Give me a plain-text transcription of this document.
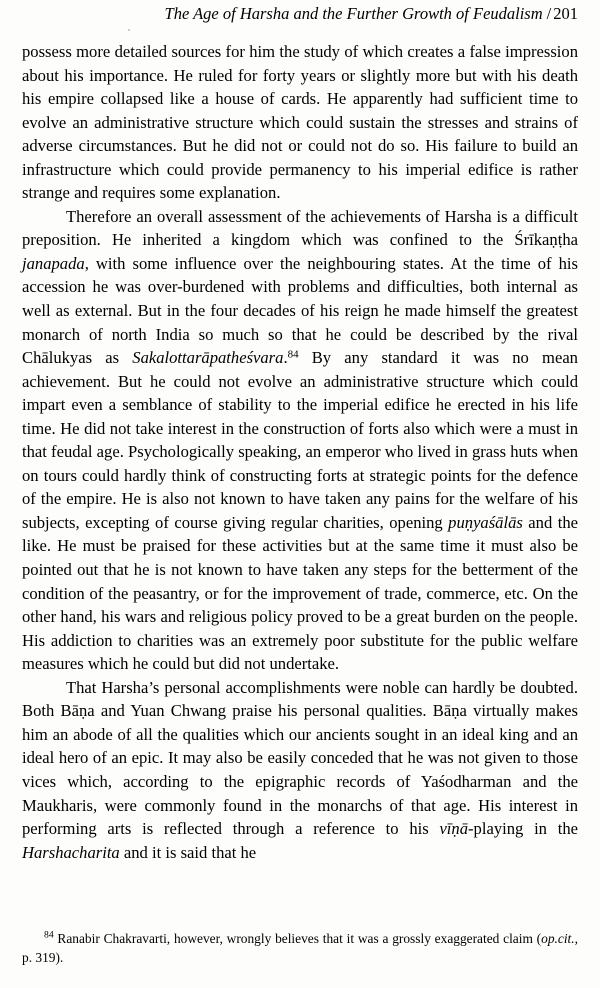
The Age of Harsha and the Further Growth of Feudalism / 201

possess more detailed sources for him the study of which creates a false impression about his importance. He ruled for forty years or slightly more but with his death his empire collapsed like a house of cards. He apparently had sufficient time to evolve an administrative structure which could sustain the stresses and strains of adverse circumstances. But he did not or could not do so. His failure to build an infrastructure which could provide permanency to his imperial edifice is rather strange and requires some explanation.

Therefore an overall assessment of the achievements of Harsha is a difficult preposition. He inherited a kingdom which was confined to the Śrīkaṇṭha janapada, with some influence over the neighbouring states. At the time of his accession he was over-burdened with problems and difficulties, both internal as well as external. But in the four decades of his reign he made himself the greatest monarch of north India so much so that he could be described by the rival Chālukyas as Sakalottarāpatheśvara.$^{84}$ By any standard it was no mean achievement. But he could not evolve an administrative structure which could impart even a semblance of stability to the imperial edifice he erected in his life time. He did not take interest in the construction of forts also which were a must in that feudal age. Psychologically speaking, an emperor who lived in grass huts when on tours could hardly think of constructing forts at strategic points for the defence of the empire. He is also not known to have taken any pains for the welfare of his subjects, excepting of course giving regular charities, opening puṇyaśālās and the like. He must be praised for these activities but at the same time it must also be pointed out that he is not known to have taken any steps for the betterment of the condition of the peasantry, or for the improvement of trade, commerce, etc. On the other hand, his wars and religious policy proved to be a great burden on the people. His addiction to charities was an extremely poor substitute for the public welfare measures which he could but did not undertake.

That Harsha’s personal accomplishments were noble can hardly be doubted. Both Bāṇa and Yuan Chwang praise his personal qualities. Bāṇa virtually makes him an abode of all the qualities which our ancients sought in an ideal king and an ideal hero of an epic. It may also be easily conceded that he was not given to those vices which, according to the epigraphic records of Yaśodharman and the Maukharis, were commonly found in the monarchs of that age. His interest in performing arts is reflected through a reference to his vīṇā-playing in the Harshacharita and it is said that he

$^{84}$ Ranabir Chakravarti, however, wrongly believes that it was a grossly exaggerated claim (op.cit., p. 319).
